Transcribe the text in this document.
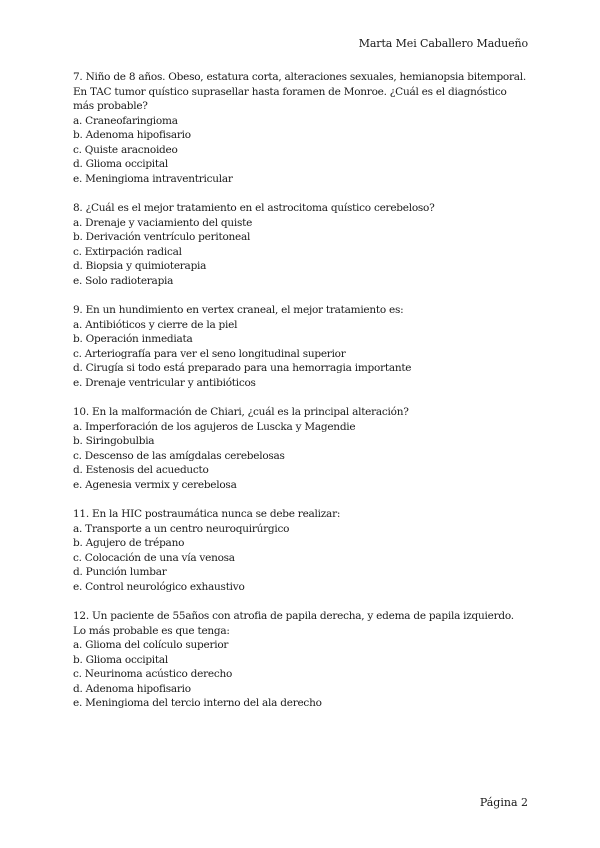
Marta Mei Caballero Madueño

7. Niño de 8 años. Obeso, estatura corta, alteraciones sexuales, hemianopsia bitemporal. En TAC tumor quístico suprasellar hasta foramen de Monroe. ¿Cuál es el diagnóstico más probable?

a. Craneofaringioma

b. Adenoma hipofisario

c. Quiste aracnoideo

d. Glioma occipital

e. Meningioma intraventricular

8. ¿Cuál es el mejor tratamiento en el astrocitoma quístico cerebeloso?

a. Drenaje y vaciamiento del quiste

b. Derivación ventrículo peritoneal

c. Extirpación radical

d. Biopsia y quimioterapia

e. Solo radioterapia

9. En un hundimiento en vertex craneal, el mejor tratamiento es:

a. Antibióticos y cierre de la piel

b. Operación inmediata

c. Arteriografía para ver el seno longitudinal superior

d. Cirugía si todo está preparado para una hemorragia importante

e. Drenaje ventricular y antibióticos

10. En la malformación de Chiari, ¿cuál es la principal alteración?

a. Imperforación de los agujeros de Luscka y Magendie

b. Siringobulbia

c. Descenso de las amígdalas cerebelosas

d. Estenosis del acueducto

e. Agenesia vermix y cerebelosa

11. En la HIC postraumática nunca se debe realizar:

a. Transporte a un centro neuroquirúrgico

b. Agujero de trépano

c. Colocación de una vía venosa

d. Punción lumbar

e. Control neurológico exhaustivo

12. Un paciente de 55años con atrofia de papila derecha, y edema de papila izquierdo. Lo más probable es que tenga:

a. Glioma del colículo superior

b. Glioma occipital

c. Neurinoma acústico derecho

d. Adenoma hipofisario

e. Meningioma del tercio interno del ala derecho

Página 2
